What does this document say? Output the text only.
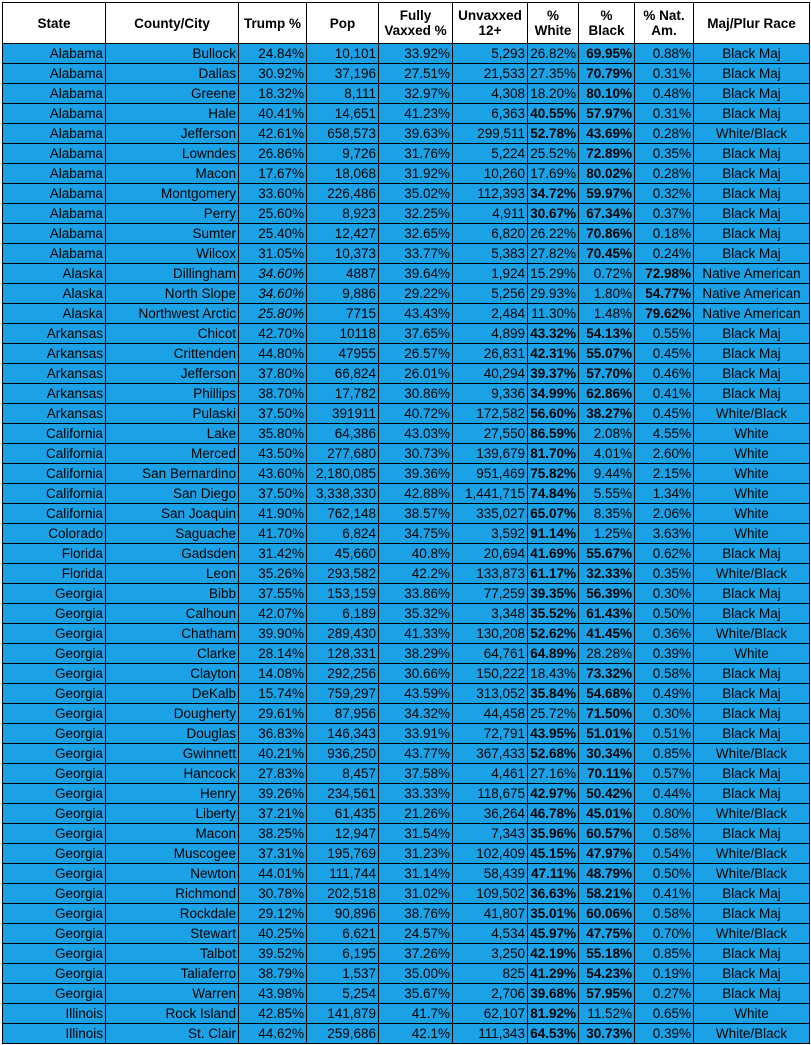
State	County/City	Trump %	Pop	Fully Vaxxed %	Unvaxxed 12+	% White	% Black	% Nat. Am.	Maj/Plur Race
Alabama	Bullock	24.84%	10,101	33.92%	5,293	26.82%	69.95%	0.88%	Black Maj
Alabama	Dallas	30.92%	37,196	27.51%	21,533	27.35%	70.79%	0.31%	Black Maj
Alabama	Greene	18.32%	8,111	32.97%	4,308	18.20%	80.10%	0.48%	Black Maj
Alabama	Hale	40.41%	14,651	41.23%	6,363	40.55%	57.97%	0.31%	Black Maj
Alabama	Jefferson	42.61%	658,573	39.63%	299,511	52.78%	43.69%	0.28%	White/Black
Alabama	Lowndes	26.86%	9,726	31.76%	5,224	25.52%	72.89%	0.35%	Black Maj
Alabama	Macon	17.67%	18,068	31.92%	10,260	17.69%	80.02%	0.28%	Black Maj
Alabama	Montgomery	33.60%	226,486	35.02%	112,393	34.72%	59.97%	0.32%	Black Maj
Alabama	Perry	25.60%	8,923	32.25%	4,911	30.67%	67.34%	0.37%	Black Maj
Alabama	Sumter	25.40%	12,427	32.65%	6,820	26.22%	70.86%	0.18%	Black Maj
Alabama	Wilcox	31.05%	10,373	33.77%	5,383	27.82%	70.45%	0.24%	Black Maj
Alaska	Dillingham	34.60%	4887	39.64%	1,924	15.29%	0.72%	72.98%	Native American
Alaska	North Slope	34.60%	9,886	29.22%	5,256	29.93%	1.80%	54.77%	Native American
Alaska	Northwest Arctic	25.80%	7715	43.43%	2,484	11.30%	1.48%	79.62%	Native American
Arkansas	Chicot	42.70%	10118	37.65%	4,899	43.32%	54.13%	0.55%	Black Maj
Arkansas	Crittenden	44.80%	47955	26.57%	26,831	42.31%	55.07%	0.45%	Black Maj
Arkansas	Jefferson	37.80%	66,824	26.01%	40,294	39.37%	57.70%	0.46%	Black Maj
Arkansas	Phillips	38.70%	17,782	30.86%	9,336	34.99%	62.86%	0.41%	Black Maj
Arkansas	Pulaski	37.50%	391911	40.72%	172,582	56.60%	38.27%	0.45%	White/Black
California	Lake	35.80%	64,386	43.03%	27,550	86.59%	2.08%	4.55%	White
California	Merced	43.50%	277,680	30.73%	139,679	81.70%	4.01%	2.60%	White
California	San Bernardino	43.60%	2,180,085	39.36%	951,469	75.82%	9.44%	2.15%	White
California	San Diego	37.50%	3,338,330	42.88%	1,441,715	74.84%	5.55%	1.34%	White
California	San Joaquin	41.90%	762,148	38.57%	335,027	65.07%	8.35%	2.06%	White
Colorado	Saguache	41.70%	6,824	34.75%	3,592	91.14%	1.25%	3.63%	White
Florida	Gadsden	31.42%	45,660	40.8%	20,694	41.69%	55.67%	0.62%	Black Maj
Florida	Leon	35.26%	293,582	42.2%	133,873	61.17%	32.33%	0.35%	White/Black
Georgia	Bibb	37.55%	153,159	33.86%	77,259	39.35%	56.39%	0.30%	Black Maj
Georgia	Calhoun	42.07%	6,189	35.32%	3,348	35.52%	61.43%	0.50%	Black Maj
Georgia	Chatham	39.90%	289,430	41.33%	130,208	52.62%	41.45%	0.36%	White/Black
Georgia	Clarke	28.14%	128,331	38.29%	64,761	64.89%	28.28%	0.39%	White
Georgia	Clayton	14.08%	292,256	30.66%	150,222	18.43%	73.32%	0.58%	Black Maj
Georgia	DeKalb	15.74%	759,297	43.59%	313,052	35.84%	54.68%	0.49%	Black Maj
Georgia	Dougherty	29.61%	87,956	34.32%	44,458	25.72%	71.50%	0.30%	Black Maj
Georgia	Douglas	36.83%	146,343	33.91%	72,791	43.95%	51.01%	0.51%	Black Maj
Georgia	Gwinnett	40.21%	936,250	43.77%	367,433	52.68%	30.34%	0.85%	White/Black
Georgia	Hancock	27.83%	8,457	37.58%	4,461	27.16%	70.11%	0.57%	Black Maj
Georgia	Henry	39.26%	234,561	33.33%	118,675	42.97%	50.42%	0.44%	Black Maj
Georgia	Liberty	37.21%	61,435	21.26%	36,264	46.78%	45.01%	0.80%	White/Black
Georgia	Macon	38.25%	12,947	31.54%	7,343	35.96%	60.57%	0.58%	Black Maj
Georgia	Muscogee	37.31%	195,769	31.23%	102,409	45.15%	47.97%	0.54%	White/Black
Georgia	Newton	44.01%	111,744	31.14%	58,439	47.11%	48.79%	0.50%	White/Black
Georgia	Richmond	30.78%	202,518	31.02%	109,502	36.63%	58.21%	0.41%	Black Maj
Georgia	Rockdale	29.12%	90,896	38.76%	41,807	35.01%	60.06%	0.58%	Black Maj
Georgia	Stewart	40.25%	6,621	24.57%	4,534	45.97%	47.75%	0.70%	White/Black
Georgia	Talbot	39.52%	6,195	37.26%	3,250	42.19%	55.18%	0.85%	Black Maj
Georgia	Taliaferro	38.79%	1,537	35.00%	825	41.29%	54.23%	0.19%	Black Maj
Georgia	Warren	43.98%	5,254	35.67%	2,706	39.68%	57.95%	0.27%	Black Maj
Illinois	Rock Island	42.85%	141,879	41.7%	62,107	81.92%	11.52%	0.65%	White
Illinois	St. Clair	44.62%	259,686	42.1%	111,343	64.53%	30.73%	0.39%	White/Black
